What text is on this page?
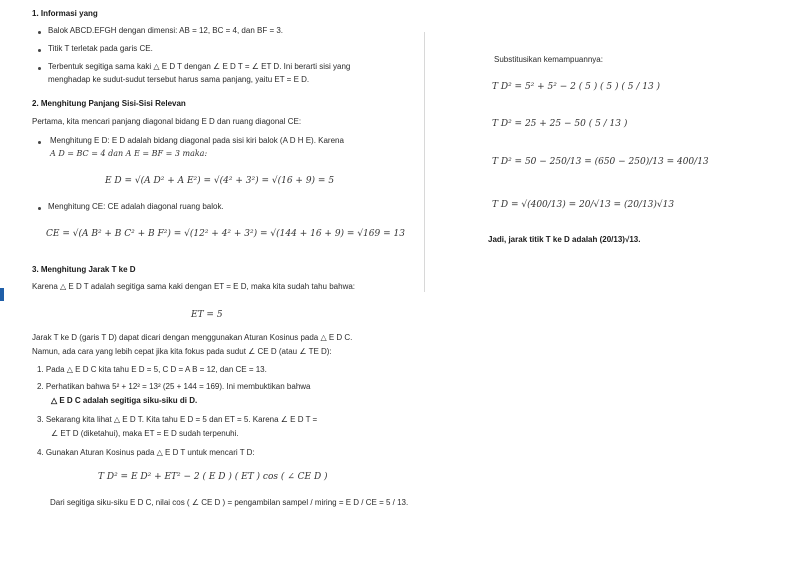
1. Informasi yang
Balok ABCD.EFGH dengan dimensi: AB = 12, BC = 4, dan BF = 3.
Titik T terletak pada garis CE.
Terbentuk segitiga sama kaki △ E D T dengan ∠ E D T = ∠ ET D. Ini berarti sisi yang
menghadap ke sudut-sudut tersebut harus sama panjang, yaitu ET = E D.
2. Menghitung Panjang Sisi-Sisi Relevan
Pertama, kita mencari panjang diagonal bidang E D dan ruang diagonal CE:
Menghitung E D: E D adalah bidang diagonal pada sisi kiri balok (A D H E). Karena
A D = BC = 4 dan A E = BF = 3 maka:
E D = √(A D² + A E²) = √(4² + 3²) = √(16 + 9) = 5
Menghitung CE: CE adalah diagonal ruang balok.
CE = √(A B² + B C² + B F²) = √(12² + 4² + 3²) = √(144 + 16 + 9) = √169 = 13
3. Menghitung Jarak T ke D
Karena △ E D T adalah segitiga sama kaki dengan ET = E D, maka kita sudah tahu bahwa:
ET = 5
Jarak T ke D (garis T D) dapat dicari dengan menggunakan Aturan Kosinus pada △ E D C.
Namun, ada cara yang lebih cepat jika kita fokus pada sudut ∠ CE D (atau ∠ TE D):
1. Pada △ E D C kita tahu E D = 5, C D = A B = 12, dan CE = 13.
2. Perhatikan bahwa 5² + 12² = 13² (25 + 144 = 169). Ini membuktikan bahwa
△ E D C adalah segitiga siku-siku di D.
3. Sekarang kita lihat △ E D T. Kita tahu E D = 5 dan ET = 5. Karena ∠ E D T =
∠ ET D (diketahui), maka ET = E D sudah terpenuhi.
4. Gunakan Aturan Kosinus pada △ E D T untuk mencari T D:
T D² = E D² + ET² − 2 ( E D ) ( ET ) cos ( ∠ CE D )
Dari segitiga siku-siku E D C, nilai cos ( ∠ CE D ) = pengambilan sampel / miring = E D / CE = 5 / 13.
Substitusikan kemampuannya:
T D² = 5² + 5² − 2 ( 5 ) ( 5 ) ( 5 / 13 )
T D² = 25 + 25 − 50 ( 5 / 13 )
T D² = 50 − 250/13 = (650 − 250)/13 = 400/13
T D = √(400/13) = 20/√13 = (20/13)√13
Jadi, jarak titik T ke D adalah (20/13)√13.
